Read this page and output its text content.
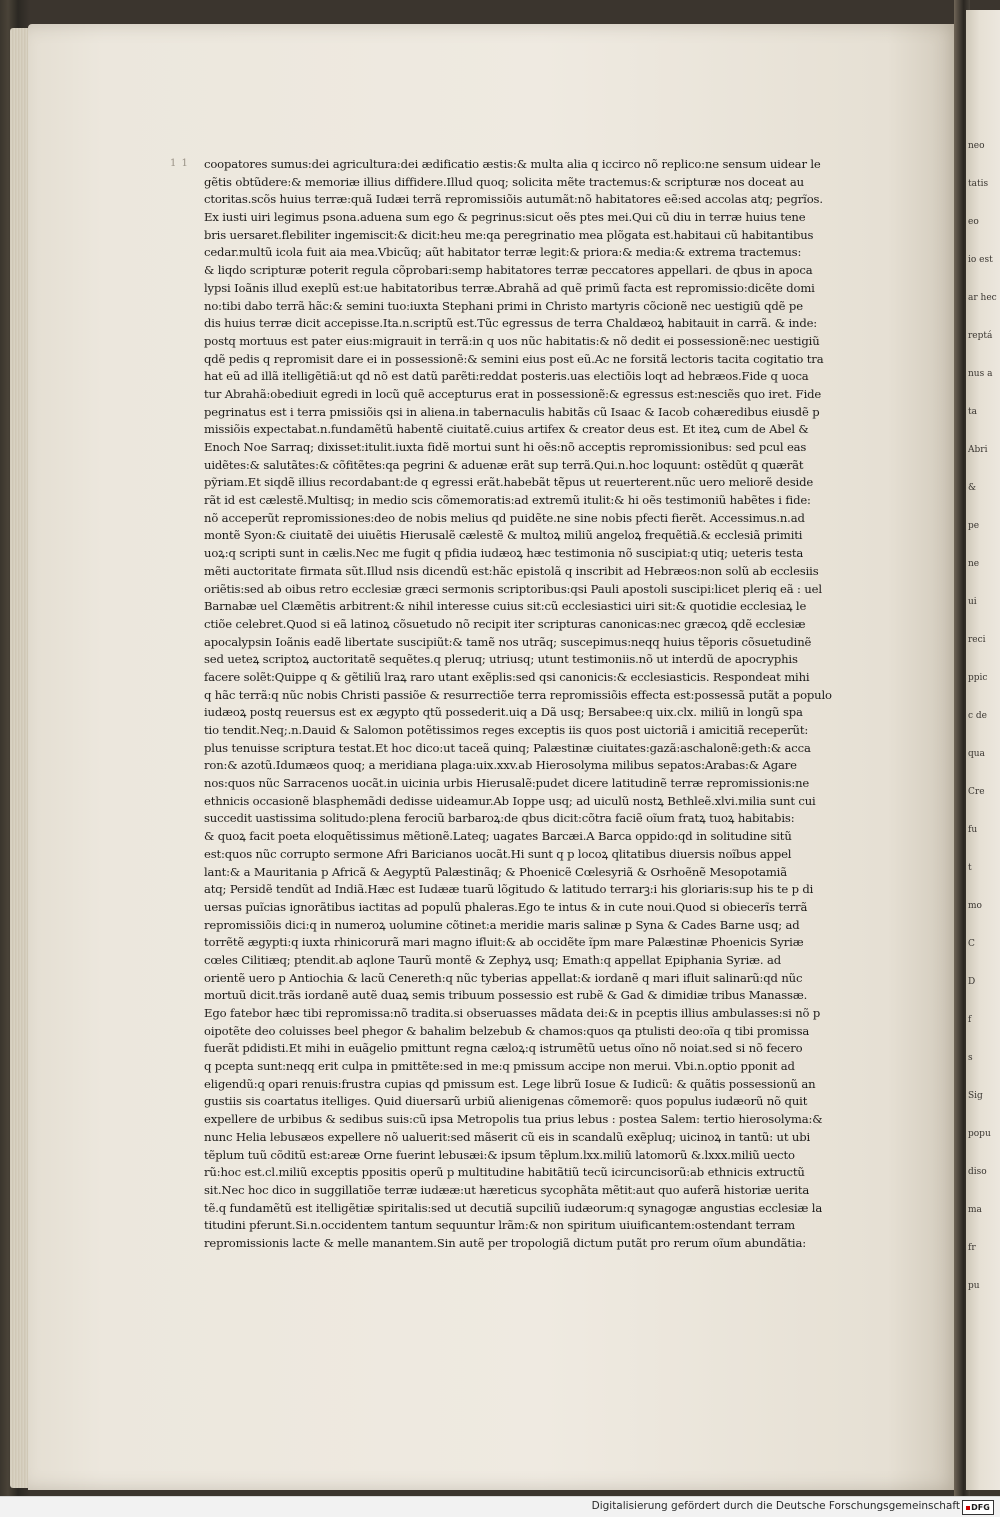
neo
tatis
eo
io est
ar hec
reptá
nus a
ta
Abri
&
pe
ne
ui
reci
ppic
c de
qua
Cre
fu
t
mo
C
D
f
s
Sig
popu
diso
ma
fr
pu
1 1 coopatores sumus:dei agricultura:dei ædificatio æstis:& multa alia q iccirco nõ replico:ne sensum uidear le
gẽtis obtũdere:& memoriæ illius diffidere.Illud quoq; solicita mẽte tractemus:& scripturæ nos doceat au
ctoritas.scõs huius terræ:quã Iudæi terrã repromissiõis autumãt:nõ habitatores eẽ:sed accolas atq; pegrĩos.
Ex iusti uiri legimus psona.aduena sum ego & pegrinus:sicut oẽs ptes mei.Qui cũ diu in terræ huius tene
bris uersaret.flebiliter ingemiscit:& dicit:heu me:qa peregrinatio mea plõgata est.habitaui cũ habitantibus
cedar.multũ icola fuit aia mea.Vbicũq; aũt habitator terræ legit:& priora:& media:& extrema tractemus:
& liqdo scripturæ poterit regula cõprobari:semp habitatores terræ peccatores appellari. de qbus in apoca
lypsi Ioãnis illud exeplũ est:ue habitatoribus terræ.Abrahã ad quẽ primũ facta est repromissio:dicẽte domi
no:tibi dabo terrã hãc:& semini tuo:iuxta Stephani primi in Christo martyris cõcionẽ nec uestigiũ qdẽ pe
dis huius terræ dicit accepisse.Ita.n.scriptũ est.Tũc egressus de terra Chaldæoꝝ habitauit in carrã. & inde:
postq mortuus est pater eius:migrauit in terrã:in q uos nũc habitatis:& nõ dedit ei possessionẽ:nec uestigiũ
qdẽ pedis q repromisit dare ei in possessionẽ:& semini eius post eũ.Ac ne forsitã lectoris tacita cogitatio tra
hat eũ ad illã itelligẽtiã:ut qd nõ est datũ parẽti:reddat posteris.uas electiõis loqt ad hebræos.Fide q uoca
tur Abrahã:obediuit egredi in locũ quẽ accepturus erat in possessionẽ:& egressus est:nesciẽs quo iret. Fide
pegrinatus est i terra pmissiõis qsi in aliena.in tabernaculis habitãs cũ Isaac & Iacob cohæredibus eiusdẽ p
missiõis expectabat.n.fundamẽtũ habentẽ ciuitatẽ.cuius artifex & creator deus est. Et iteꝝ cum de Abel &
Enoch Noe Sarraq; dixisset:itulit.iuxta fidẽ mortui sunt hi oẽs:nõ acceptis repromissionibus: sed pcul eas
uidẽtes:& salutãtes:& cõfitẽtes:qa pegrini & aduenæ erãt sup terrã.Qui.n.hoc loquunt: ostẽdũt q quærãt
pỹriam.Et siqdẽ illius recordabant:de q egressi erãt.habebãt tẽpus ut reuerterent.nũc uero meliorẽ deside
rãt id est cælestẽ.Multisq; in medio scis cõmemoratis:ad extremũ itulit:& hi oẽs testimoniũ habẽtes i fide:
nõ acceperũt repromissiones:deo de nobis melius qd puidẽte.ne sine nobis pfecti fierẽt. Accessimus.n.ad
montẽ Syon:& ciuitatẽ dei uiuẽtis Hierusalẽ cælestẽ & multoꝝ miliũ angeloꝝ frequẽtiã.& ecclesiã primiti
uoꝝ:q scripti sunt in cælis.Nec me fugit q pfidia iudæoꝝ hæc testimonia nõ suscipiat:q utiq; ueteris testa
mẽti auctoritate firmata sũt.Illud nsis dicendũ est:hãc epistolã q inscribit ad Hebræos:non solũ ab ecclesiis
oriẽtis:sed ab oibus retro ecclesiæ græci sermonis scriptoribus:qsi Pauli apostoli suscipi:licet pleriq eã : uel
Barnabæ uel Clæmẽtis arbitrent:& nihil interesse cuius sit:cũ ecclesiastici uiri sit:& quotidie ecclesiaꝝ le
ctiõe celebret.Quod si eã latinoꝝ cõsuetudo nõ recipit iter scripturas canonicas:nec græcoꝝ qdẽ ecclesiæ
apocalypsin Ioãnis eadẽ libertate suscipiũt:& tamẽ nos utrãq; suscepimus:neqq huius tẽporis cõsuetudinẽ
sed ueteꝝ scriptoꝝ auctoritatẽ sequẽtes.q pleruq; utriusq; utunt testimoniis.nõ ut interdũ de apocryphis
facere solẽt:Quippe q & gẽtiliũ lraꝝ raro utant exẽplis:sed qsi canonicis:& ecclesiasticis. Respondeat mihi
q hãc terrã:q nũc nobis Christi passiõe & resurrectiõe terra repromissiõis effecta est:possessã putãt a populo
iudæoꝝ postq reuersus est ex ægypto qtũ possederit.uiq a Dã usq; Bersabee:q uix.clx. miliũ in longũ spa
tio tendit.Neq;.n.Dauid & Salomon potẽtissimos reges exceptis iis quos post uictoriã i amicitiã receperũt:
plus tenuisse scriptura testat.Et hoc dico:ut taceã quinq; Palæstinæ ciuitates:gazã:aschalonẽ:geth:& acca
ron:& azotũ.Idumæos quoq; a meridiana plaga:uix.xxv.ab Hierosolyma milibus sepatos:Arabas:& Agare
nos:quos nũc Sarracenos uocãt.in uicinia urbis Hierusalẽ:pudet dicere latitudinẽ terræ repromissionis:ne
ethnicis occasionẽ blasphemãdi dedisse uideamur.Ab Ioppe usq; ad uiculũ nostꝝ Bethleẽ.xlvi.milia sunt cui
succedit uastissima solitudo:plena ferociũ barbaroꝝ:de qbus dicit:cõtra faciẽ oĩum fratꝝ tuoꝝ habitabis:
& quoꝝ facit poeta eloquẽtissimus mẽtionẽ.Lateq; uagates Barcæi.A Barca oppido:qd in solitudine sitũ
est:quos nũc corrupto sermone Afri Baricianos uocãt.Hi sunt q p locoꝝ qlitatibus diuersis noĩbus appel
lant:& a Mauritania p Africã & Aegyptũ Palæstinãq; & Phoenicẽ Cœlesyriã & Osrhoẽnẽ Mesopotamiã
atq; Persidẽ tendũt ad Indiã.Hæc est Iudææ tuarũ lõgitudo & latitudo terrarꝫ:i his gloriaris:sup his te p di
uersas puĩcias ignorãtibus iactitas ad populũ phaleras.Ego te intus & in cute noui.Quod si obiecerĩs terrã
repromissiõis dici:q in numeroꝝ uolumine cõtinet:a meridie maris salinæ p Syna & Cades Barne usq; ad
torrẽtẽ ægypti:q iuxta rhinicorurã mari magno ifluit:& ab occidẽte ĩpm mare Palæstinæ Phoenicis Syriæ
cœles Cilitiæq; ptendit.ab aqlone Taurũ montẽ & Zephyꝝ usq; Emath:q appellat Epiphania Syriæ. ad
orientẽ uero p Antiochia & lacũ Cenereth:q nũc tyberias appellat:& iordanẽ q mari ifluit salinarũ:qd nũc
mortuũ dicit.trãs iordanẽ autẽ duaꝝ semis tribuum possessio est rubẽ & Gad & dimidiæ tribus Manassæ.
Ego fatebor hæc tibi repromissa:nõ tradita.si obseruasses mãdata dei:& in pceptis illius ambulasses:si nõ p
oipotẽte deo coluisses beel phegor & bahalim belzebub & chamos:quos qa ptulisti deo:oĩa q tibi promissa
fuerãt pdidisti.Et mihi in euãgelio pmittunt regna cæloꝝ:q istrumẽtũ uetus oĩno nõ noiat.sed si nõ fecero
q pcepta sunt:neqq erit culpa in pmittẽte:sed in me:q pmissum accipe non merui. Vbi.n.optio pponit ad
eligendũ:q opari renuis:frustra cupias qd pmissum est. Lege librũ Iosue & Iudicũ: & quãtis possessionũ an
gustiis sis coartatus itelliges. Quid diuersarũ urbiũ alienigenas cõmemorẽ: quos populus iudæorũ nõ quit
expellere de urbibus & sedibus suis:cũ ipsa Metropolis tua prius lebus : postea Salem: tertio hierosolyma:&
nunc Helia lebusæos expellere nõ ualuerit:sed mãserit cũ eis in scandalũ exẽpluq; uicinoꝝ in tantũ: ut ubi
tẽplum tuũ cõditũ est:areæ Orne fuerint lebusæi:& ipsum tẽplum.lxx.miliũ latomorũ &.lxxx.miliũ uecto
rũ:hoc est.cl.miliũ exceptis ppositis operũ p multitudine habitãtiũ tecũ icircuncisorũ:ab ethnicis extructũ
sit.Nec hoc dico in suggillatiõe terræ iudææ:ut hæreticus sycophãta mẽtit:aut quo auferã historiæ uerita
tẽ.q fundamẽtũ est itelligẽtiæ spiritalis:sed ut decutiã supciliũ iudæorum:q synagogæ angustias ecclesiæ la
titudini pferunt.Si.n.occidentem tantum sequuntur lrãm:& non spiritum uiuificantem:ostendant terram
repromissionis lacte & melle manantem.Sin autẽ per tropologiã dictum putãt pro rerum oĩum abundãtia:
Digitalisierung gefördert durch die Deutsche Forschungsgemeinschaft	DFG
